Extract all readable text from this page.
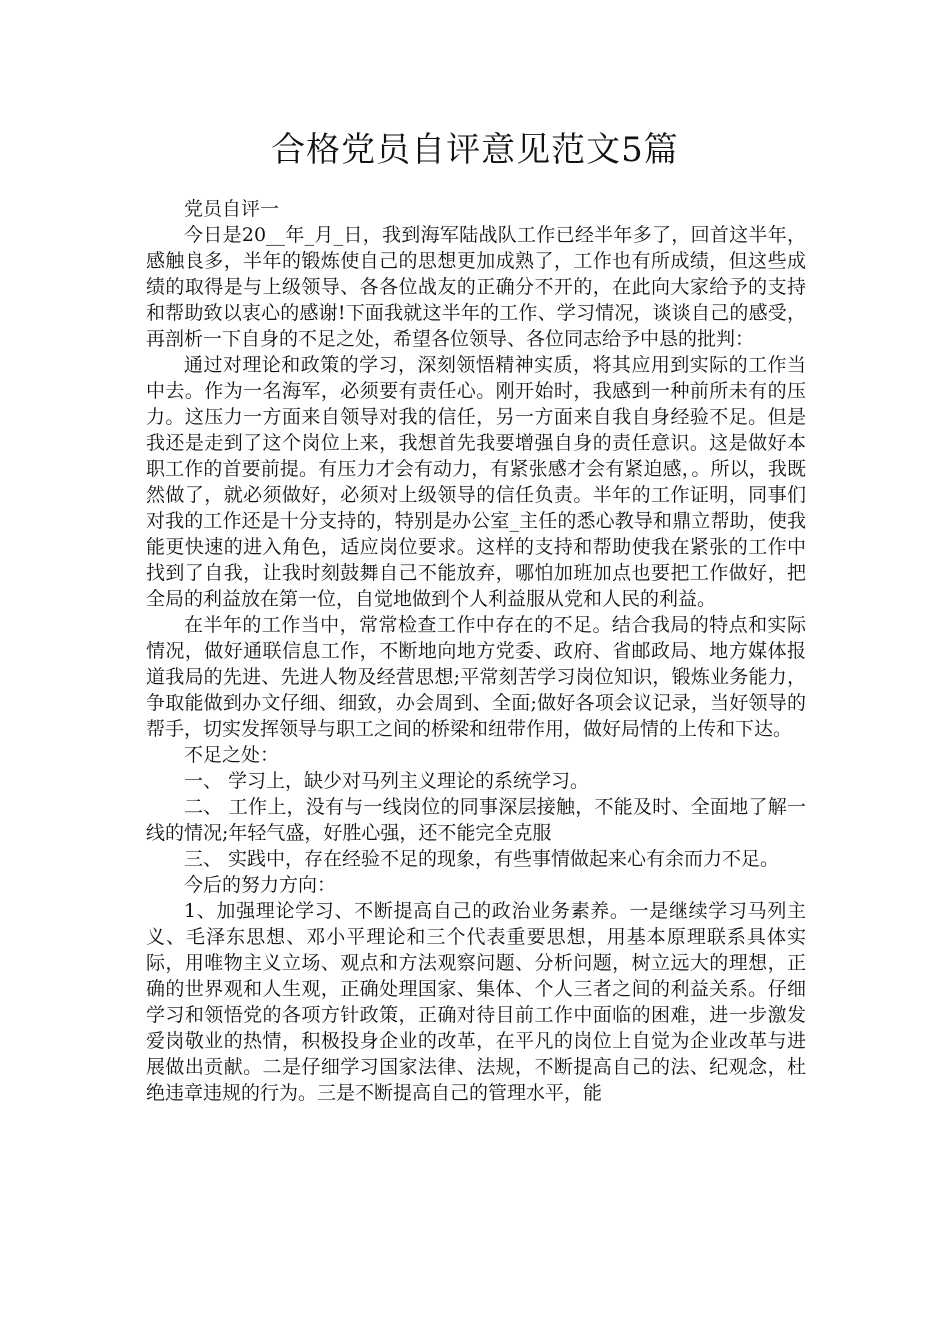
合格党员自评意见范文5篇

党员自评一

今日是20__年_月_日，我到海军陆战队工作已经半年多了，回首这半年，感触良多，半年的锻炼使自己的思想更加成熟了，工作也有所成绩，但这些成绩的取得是与上级领导、各各位战友的正确分不开的，在此向大家给予的支持和帮助致以衷心的感谢!下面我就这半年的工作、学习情况，谈谈自己的感受，再剖析一下自身的不足之处，希望各位领导、各位同志给予中恳的批判：

通过对理论和政策的学习，深刻领悟精神实质，将其应用到实际的工作当中去。作为一名海军，必须要有责任心。刚开始时，我感到一种前所未有的压力。这压力一方面来自领导对我的信任，另一方面来自我自身经验不足。但是我还是走到了这个岗位上来，我想首先我要增强自身的责任意识。这是做好本职工作的首要前提。有压力才会有动力，有紧张感才会有紧迫感，。所以，我既然做了，就必须做好，必须对上级领导的信任负责。半年的工作证明，同事们对我的工作还是十分支持的，特别是办公室_主任的悉心教导和鼎立帮助，使我能更快速的进入角色，适应岗位要求。这样的支持和帮助使我在紧张的工作中找到了自我，让我时刻鼓舞自己不能放弃，哪怕加班加点也要把工作做好，把全局的利益放在第一位，自觉地做到个人利益服从党和人民的利益。

在半年的工作当中，常常检查工作中存在的不足。结合我局的特点和实际情况，做好通联信息工作，不断地向地方党委、政府、省邮政局、地方媒体报道我局的先进、先进人物及经营思想;平常刻苦学习岗位知识，锻炼业务能力，争取能做到办文仔细、细致，办会周到、全面;做好各项会议记录，当好领导的帮手，切实发挥领导与职工之间的桥梁和纽带作用，做好局情的上传和下达。

不足之处：

一、 学习上，缺少对马列主义理论的系统学习。

二、 工作上，没有与一线岗位的同事深层接触，不能及时、全面地了解一线的情况;年轻气盛，好胜心强，还不能完全克服

三、 实践中，存在经验不足的现象，有些事情做起来心有余而力不足。

今后的努力方向：

1、加强理论学习、不断提高自己的政治业务素养。一是继续学习马列主义、毛泽东思想、邓小平理论和三个代表重要思想，用基本原理联系具体实际，用唯物主义立场、观点和方法观察问题、分析问题，树立远大的理想，正确的世界观和人生观，正确处理国家、集体、个人三者之间的利益关系。仔细学习和领悟党的各项方针政策，正确对待目前工作中面临的困难，进一步激发爱岗敬业的热情，积极投身企业的改革，在平凡的岗位上自觉为企业改革与进展做出贡献。二是仔细学习国家法律、法规，不断提高自己的法、纪观念，杜绝违章违规的行为。三是不断提高自己的管理水平，能
